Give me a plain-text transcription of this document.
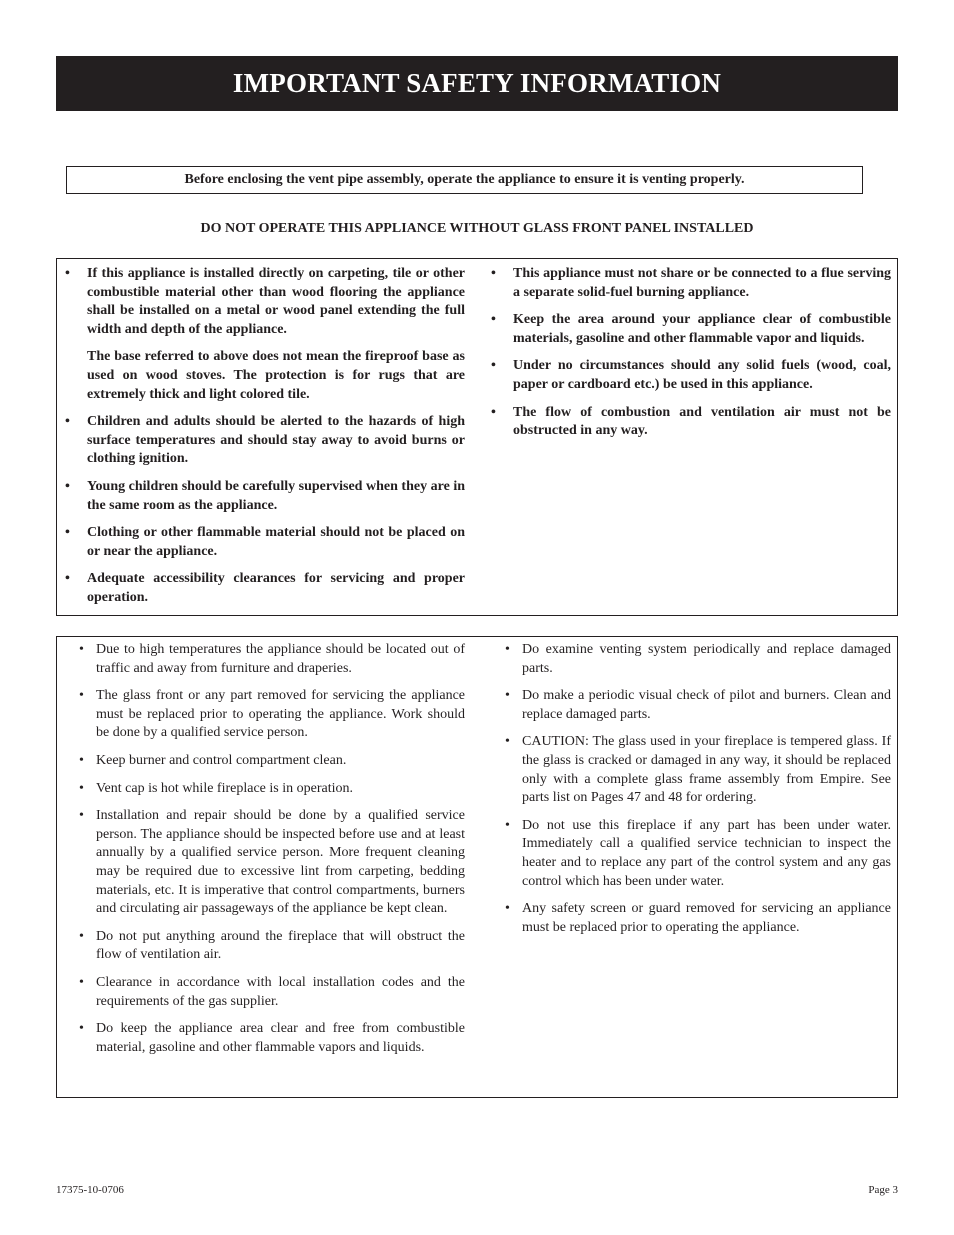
IMPORTANT SAFETY INFORMATION
Before enclosing the vent pipe assembly, operate the appliance to ensure it is venting properly.
DO NOT OPERATE THIS APPLIANCE WITHOUT GLASS FRONT PANEL INSTALLED
• If this appliance is installed directly on carpeting, tile or other combustible material other than wood flooring the appliance shall be installed on a metal or wood panel extending the full width and depth of the appliance.
The base referred to above does not mean the fireproof base as used on wood stoves. The protection is for rugs that are extremely thick and light colored tile.
• Children and adults should be alerted to the hazards of high surface temperatures and should stay away to avoid burns or clothing ignition.
• Young children should be carefully supervised when they are in the same room as the appliance.
• Clothing or other flammable material should not be placed on or near the appliance.
• Adequate accessibility clearances for servicing and proper operation.
• This appliance must not share or be connected to a flue serving a separate solid-fuel burning appliance.
• Keep the area around your appliance clear of combustible materials, gasoline and other flammable vapor and liquids.
• Under no circumstances should any solid fuels (wood, coal, paper or cardboard etc.) be used in this appliance.
• The flow of combustion and ventilation air must not be obstructed in any way.
• Due to high temperatures the appliance should be located out of traffic and away from furniture and draperies.
• The glass front or any part removed for servicing the appliance must be replaced prior to operating the appliance. Work should be done by a qualified service person.
• Keep burner and control compartment clean.
• Vent cap is hot while fireplace is in operation.
• Installation and repair should be done by a qualified service person. The appliance should be inspected before use and at least annually by a qualified service person. More frequent cleaning may be required due to excessive lint from carpeting, bedding materials, etc. It is imperative that control compartments, burners and circulating air passageways of the appliance be kept clean.
• Do not put anything around the fireplace that will obstruct the flow of ventilation air.
• Clearance in accordance with local installation codes and the requirements of the gas supplier.
• Do keep the appliance area clear and free from combustible material, gasoline and other flammable vapors and liquids.
• Do examine venting system periodically and replace damaged parts.
• Do make a periodic visual check of pilot and burners. Clean and replace damaged parts.
• CAUTION: The glass used in your fireplace is tempered glass. If the glass is cracked or damaged in any way, it should be replaced only with a complete glass frame assembly from Empire. See parts list on Pages 47 and 48 for ordering.
• Do not use this fireplace if any part has been under water. Immediately call a qualified service technician to inspect the heater and to replace any part of the control system and any gas control which has been under water.
• Any safety screen or guard removed for servicing an appliance must be replaced prior to operating the appliance.
17375-10-0706	Page 3
